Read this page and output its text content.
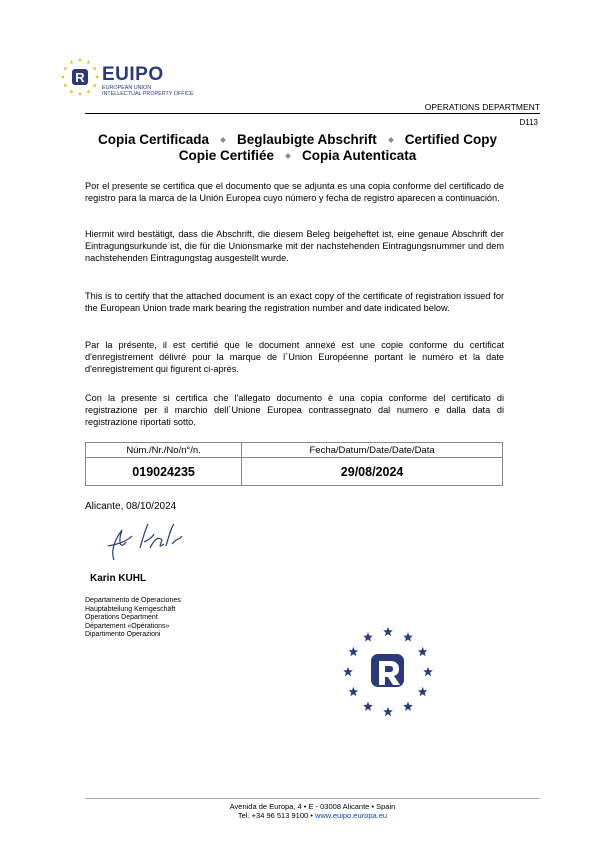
R EUIPO
EUROPEAN UNION
INTELLECTUAL PROPERTY OFFICE
OPERATIONS DEPARTMENT
D113
Copia Certificada Beglaubigte Abschrift Certified Copy
Copie Certifiée Copia Autenticata
Por el presente se certifica que el documento que se adjunta es una copia conforme del certificado de registro para la marca de la Unión Europea cuyo número y fecha de registro aparecen a continuación.
Hiermit wird bestätigt, dass die Abschrift, die diesem Beleg beigeheftet ist, eine genaue Abschrift der Eintragungsurkunde ist, die für die Unionsmarke mit der nachstehenden Eintragungsnummer und dem nachstehenden Eintragungstag ausgestellt wurde.
This is to certify that the attached document is an exact copy of the certificate of registration issued for the European Union trade mark bearing the registration number and date indicated below.
Par la présente, il est certifié que le document annexé est une copie conforme du certificat d'enregistrement délivré pour la marque de l´Union Européenne portant le numéro et la date d'enregistrement qui figurent ci-après.
Con la presente si certifica che l'allegato documento è una copia conforme del certificato di registrazione per il marchio dell´Unione Europea contrassegnato dal numero e dalla data di registrazione riportati sotto.
Núm./Nr./No/n°/n.	Fecha/Datum/Date/Date/Data
019024235	29/08/2024
Alicante, 08/10/2024
Karin KUHL
Departamento de Operaciones
Hauptabteilung Kerngeschäft
Operations Department
Département «Opérations»
Dipartimento Operazioni
Avenida de Europa, 4 • E - 03008 Alicante • Spain
Tel. +34 96 513 9100 • www.euipo.europa.eu
